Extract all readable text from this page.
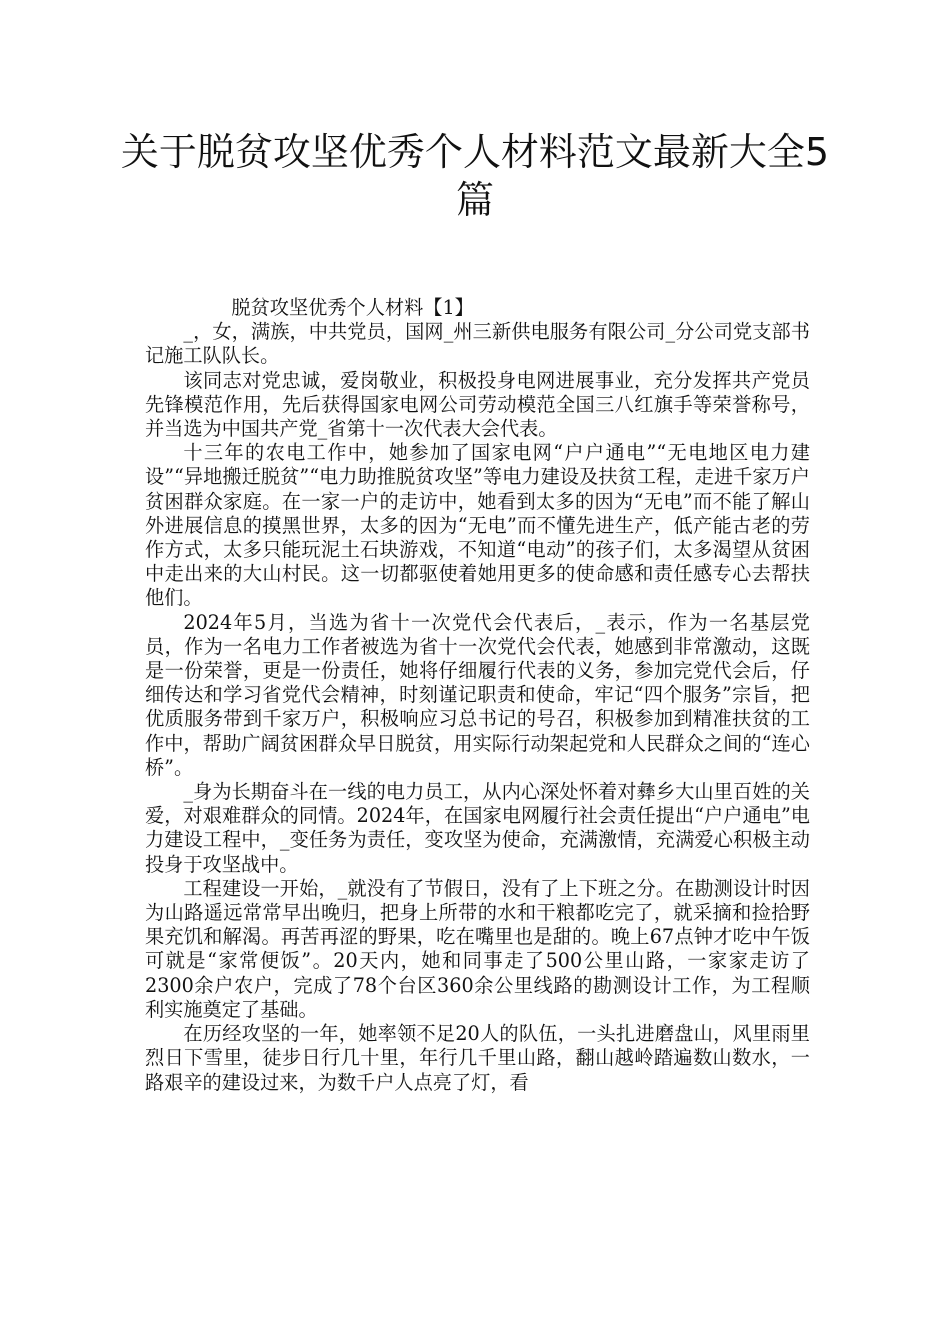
关于脱贫攻坚优秀个人材料范文最新大全5篇

脱贫攻坚优秀个人材料【1】

_，女，满族，中共党员，国网_州三新供电服务有限公司_分公司党支部书记施工队队长。

该同志对党忠诚，爱岗敬业，积极投身电网进展事业，充分发挥共产党员先锋模范作用，先后获得国家电网公司劳动模范全国三八红旗手等荣誉称号，并当选为中国共产党_省第十一次代表大会代表。

十三年的农电工作中，她参加了国家电网“户户通电”“无电地区电力建设”“异地搬迁脱贫”“电力助推脱贫攻坚”等电力建设及扶贫工程，走进千家万户贫困群众家庭。在一家一户的走访中，她看到太多的因为“无电”而不能了解山外进展信息的摸黑世界，太多的因为“无电”而不懂先进生产，低产能古老的劳作方式，太多只能玩泥土石块游戏，不知道“电动”的孩子们，太多渴望从贫困中走出来的大山村民。这一切都驱使着她用更多的使命感和责任感专心去帮扶他们。

2024年5月，当选为省十一次党代会代表后，_表示，作为一名基层党员，作为一名电力工作者被选为省十一次党代会代表，她感到非常激动，这既是一份荣誉，更是一份责任，她将仔细履行代表的义务，参加完党代会后，仔细传达和学习省党代会精神，时刻谨记职责和使命，牢记“四个服务”宗旨，把优质服务带到千家万户，积极响应习总书记的号召，积极参加到精准扶贫的工作中，帮助广阔贫困群众早日脱贫，用实际行动架起党和人民群众之间的“连心桥”。

_身为长期奋斗在一线的电力员工，从内心深处怀着对彝乡大山里百姓的关爱，对艰难群众的同情。2024年，在国家电网履行社会责任提出“户户通电”电力建设工程中，_变任务为责任，变攻坚为使命，充满激情，充满爱心积极主动投身于攻坚战中。

工程建设一开始，_就没有了节假日，没有了上下班之分。在勘测设计时因为山路遥远常常早出晚归，把身上所带的水和干粮都吃完了，就采摘和捡拾野果充饥和解渴。再苦再涩的野果，吃在嘴里也是甜的。晚上67点钟才吃中午饭可就是“家常便饭”。20天内，她和同事走了500公里山路，一家家走访了2300余户农户，完成了78个台区360余公里线路的勘测设计工作，为工程顺利实施奠定了基础。

在历经攻坚的一年，她率领不足20人的队伍，一头扎进磨盘山，风里雨里烈日下雪里，徒步日行几十里，年行几千里山路，翻山越岭踏遍数山数水，一路艰辛的建设过来，为数千户人点亮了灯，看
